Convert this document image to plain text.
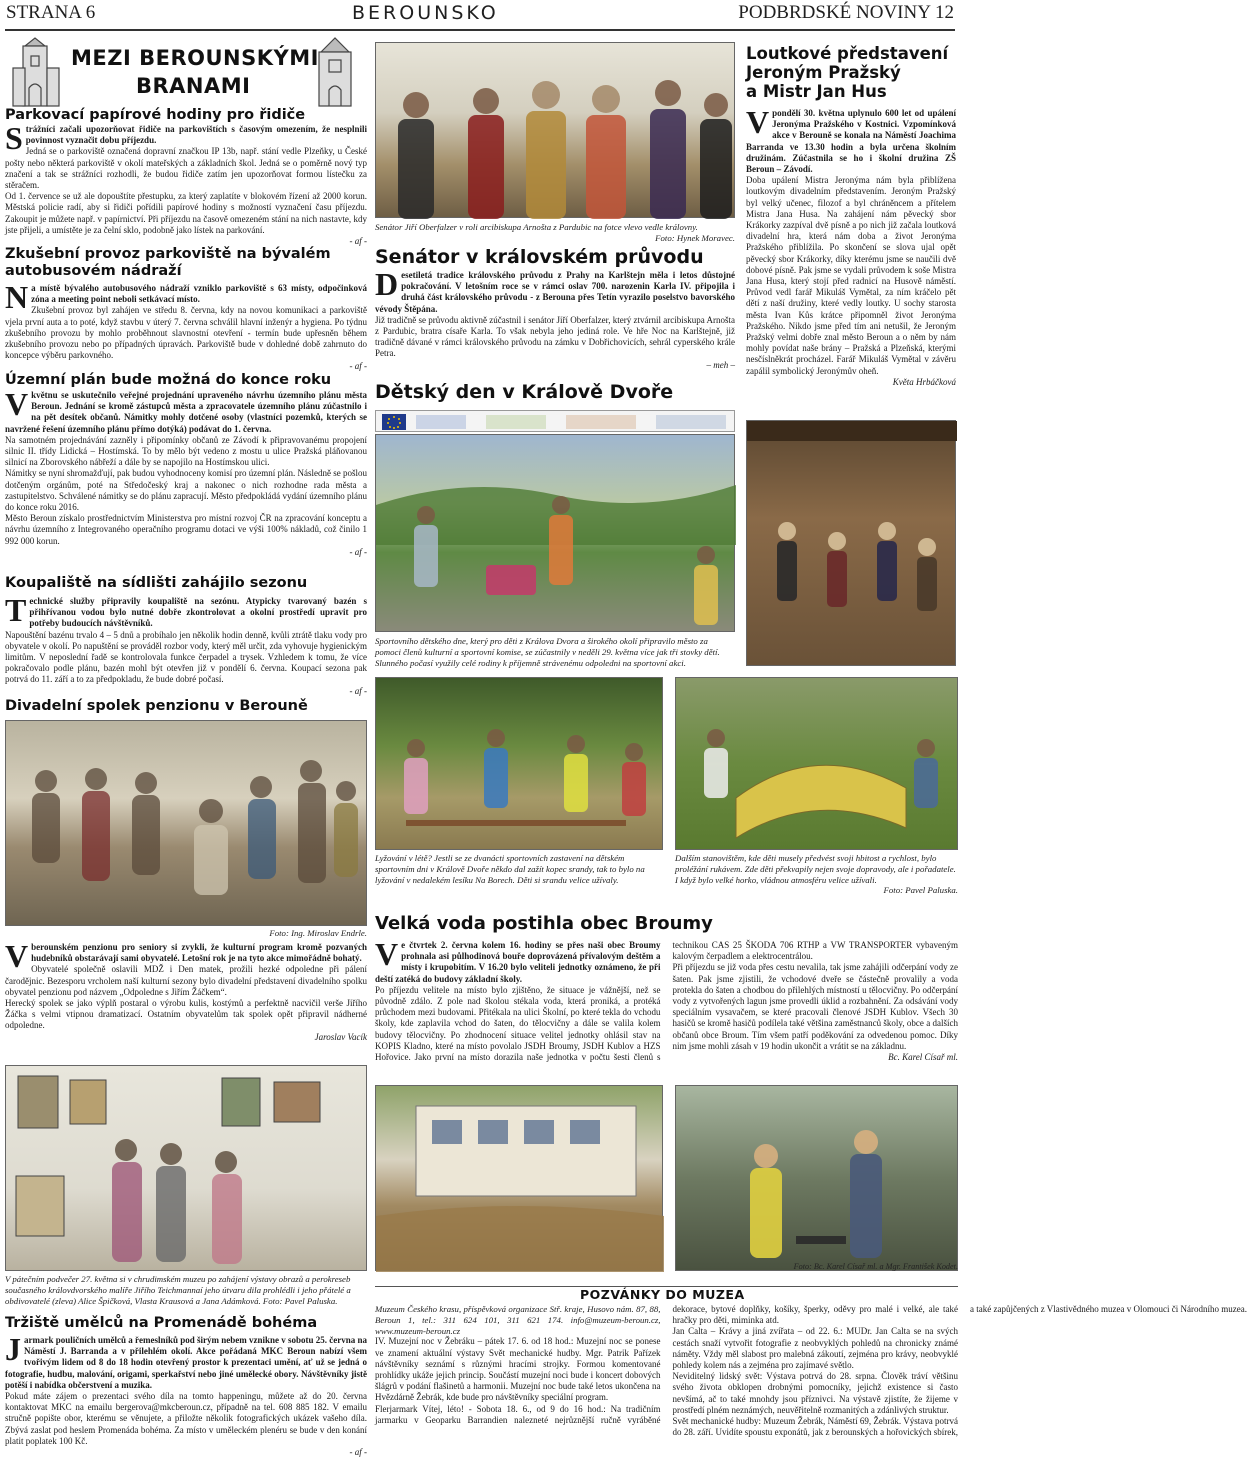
STRANA 6	BEROUNSKO	PODBRDSKÉ NOVINY 12
MEZI BEROUNSKÝMI
BRANAMI
Parkovací papírové hodiny pro řidiče
Strážníci začali upozorňovat řidiče na parkovištích s časovým omezením, že nesplnili povinnost vyznačit dobu příjezdu.

Jedná se o parkoviště označená dopravní značkou IP 13b, např. stání vedle Plzeňky, u České pošty nebo některá parkoviště v okolí mateřských a základních škol. Jedná se o poměrně nový typ značení a tak se strážníci rozhodli, že budou řidiče zatím jen upozorňovat formou lístečku za stěračem.

Od 1. července se už ale dopouštíte přestupku, za který zaplatíte v blokovém řízení až 2000 korun. Městská policie radí, aby si řidiči pořídili papírové hodiny s možností vyznačení času příjezdu. Zakoupit je můžete např. v papírnictví. Při příjezdu na časově omezeném stání na nich nastavte, kdy jste přijeli, a umístěte je za čelní sklo, podobně jako lístek na parkování.

- af -

Zkušební provoz parkoviště na bývalém autobusovém nádraží
Na místě bývalého autobusového nádraží vzniklo parkoviště s 63 místy, odpočinková zóna a meeting point neboli setkávací místo.

Zkušební provoz byl zahájen ve středu 8. června, kdy na novou komunikaci a parkoviště vjela první auta a to poté, když stavbu v úterý 7. června schválil hlavní inženýr a hygiena. Po týdnu zkušebního provozu by mohlo proběhnout slavnostní otevření - termín bude upřesněn během zkušebního provozu nebo po případných úpravách. Parkoviště bude v dohledné době zahrnuto do koncepce výběru parkovného.

- af -

Územní plán bude možná do konce roku
Vkvětnu se uskutečnilo veřejné projednání upraveného návrhu územního plánu města Beroun. Jednání se kromě zástupců města a zpracovatele územního plánu zúčastnilo i na pět desítek občanů. Námitky mohly dotčené osoby (vlastníci pozemků, kterých se navržené řešení územního plánu přímo dotýká) podávat do 1. června.

Na samotném projednávání zazněly i připomínky občanů ze Závodí k připravovanému propojení silnic II. třídy Lidická – Hostímská. To by mělo být vedeno z mostu u ulice Pražská pláňovanou silnicí na Zborovského nábřeží a dále by se napojilo na Hostímskou ulici.

Námitky se nyní shromažďují, pak budou vyhodnoceny komisí pro územní plán. Následně se pošlou dotčeným orgánům, poté na Středočeský kraj a nakonec o nich rozhodne rada města a zastupitelstvo. Schválené námitky se do plánu zapracují. Město předpokládá vydání územního plánu do konce roku 2016.

Město Beroun získalo prostřednictvím Ministerstva pro místní rozvoj ČR na zpracování konceptu a návrhu územního z Integrovaného operačního programu dotaci ve výši 100% nákladů, což činilo 1 992 000 korun.

- af -

Koupaliště na sídlišti zahájilo sezonu
Technické služby připravily koupaliště na sezónu. Atypicky tvarovaný bazén s přihřívanou vodou bylo nutné dobře zkontrolovat a okolní prostředí upravit pro potřeby budoucích návštěvníků.

Napouštění bazénu trvalo 4 – 5 dnů a probíhalo jen několik hodin denně, kvůli ztrátě tlaku vody pro obyvatele v okolí. Po napuštění se prováděl rozbor vody, který měl určit, zda vyhovuje hygienickým limitům. V neposlední řadě se kontrolovala funkce čerpadel a trysek. Vzhledem k tomu, že více pokračovalo podle plánu, bazén mohl být otevřen již v pondělí 6. června. Koupací sezona pak potrvá do 11. září a to za předpokladu, že bude dobré počasí.

- af -

Divadelní spolek penzionu v Berouně
Foto: Ing. Miroslav Endrle.
Vberounském penzionu pro seniory si zvykli, že kulturní program kromě pozvaných hudebníků obstarávají sami obyvatelé. Letošní rok je na tyto akce mimořádně bohatý.

Obyvatelé společně oslavili MDŽ i Den matek, prožili hezké odpoledne při pálení čarodějnic. Bezesporu vrcholem naší kulturní sezony bylo divadelní představení divadelního spolku obyvatel penzionu pod názvem „Odpoledne s Jiřím Žáčkem“.

Herecký spolek se jako výplň postaral o výrobu kulis, kostýmů a perfektně nacvičil verše Jiřího Žáčka s velmi vtipnou dramatizací. Ostatním obyvatelům tak spolek opět připravil nádherné odpoledne.

Jaroslav Vacík

V pátečním podvečer 27. května si v chrudimském muzeu po zahájení výstavy obrazů a perokreseb současného královdvorského malíře Jiřího Teichmannaí jeho útvaru dila prohlédli i jeho přátelé a obdivovatelé (zleva) Alice Špičková, Vlasta Krausová a Jana Adámková. Foto: Pavel Paluska.
Tržiště umělců na Promenádě bohéma
Jarmark pouličních umělců a řemeslníků pod širým nebem vznikne v sobotu 25. června na Náměstí J. Barranda a v přilehlém okolí. Akce pořádaná MKC Beroun nabízí všem tvořivým lidem od 8 do 18 hodin otevřený prostor k prezentaci umění, ať už se jedná o fotografie, hudbu, malování, origami, sperkařství nebo jiné umělecké obory. Návštěvníky jistě potěší i nabídka občerstvení a muzika.

Pokud máte zájem o prezentaci svého díla na tomto happeningu, můžete až do 20. června kontaktovat MKC na emailu bergerova@mkcberoun.cz, případně na tel. 608 885 182. V emailu stručně popište obor, kterému se věnujete, a přiložte několik fotografických ukázek vašeho díla. Zbývá zaslat pod heslem Promenáda bohéma. Za místo v uměleckém plenéru se bude v den konání platit poplatek 100 Kč.

- af -

Senátor Jiří Oberfalzer v roli arcibiskupa Arnošta z Pardubic na fotce vlevo vedle královny.
Foto: Hynek Moravec.
Senátor v královském průvodu
Desetiletá tradice královského průvodu z Prahy na Karlštejn měla i letos důstojné pokračování. V letošním roce se v rámci oslav 700. narozenin Karla IV. připojila i druhá část královského průvodu - z Berouna přes Tetín vyrazilo poselstvo bavorského vévody Štěpána.

Již tradičně se průvodu aktivně zúčastnil i senátor Jiří Oberfalzer, který ztvárnil arcibiskupa Arnošta z Pardubic, bratra císaře Karla. To však nebyla jeho jediná role. Ve hře Noc na Karlštejně, již tradičně dávané v rámci královského průvodu na zámku v Dobřichovicích, sehrál cyperského krále Petra.

– meh –

Dětský den v Králově Dvoře
Sportovního dětského dne, který pro děti z Králova Dvora a širokého okolí připravilo město za pomoci členů kulturní a sportovní komise, se zúčastnily v neděli 29. května více jak tři stovky dětí. Slunného počasí využily celé rodiny k příjemně strávenému odpoledni na sportovní akci.
Loutkové představení
Jeroným Pražský
a Mistr Jan Hus
Vpondělí 30. května uplynulo 600 let od upálení Jeronýma Pražského v Kostnici. Vzpomínková akce v Berouně se konala na Náměstí Joachima Barranda ve 13.30 hodin a byla určena školním družinám. Zúčastnila se ho i školní družina ZŠ Beroun – Závodí.

Doba upálení Mistra Jeronýma nám byla přiblížena loutkovým divadelním představením. Jeroným Pražský byl velký učenec, filozof a byl chráněncem a přítelem Mistra Jana Husa. Na zahájení nám pěvecký sbor Krákorky zazpíval dvě písně a po nich již začala loutková divadelní hra, která nám doba a život Jeronýma Pražského přiblížila. Po skončení se slova ujal opět pěvecký sbor Krákorky, díky kterému jsme se naučili dvě dobové písně. Pak jsme se vydali průvodem k soše Mistra Jana Husa, který stojí před radnicí na Husově náměstí. Průvod vedl farář Mikuláš Vymětal, za ním kráčelo pět dětí z naší družiny, které vedly loutky. U sochy starosta města Ivan Kůs krátce připomněl život Jeronýma Pražského. Nikdo jsme před tím ani netušil, že Jeroným Pražský velmi dobře znal město Beroun a o něm by nám mohly povídat naše brány – Pražská a Plzeňská, kterými nesčíslněkrát procházel. Farář Mikuláš Vymětal v závěru zapálil symbolický Jeronýmův oheň.

Květa Hrbáčková

Lyžování v létě? Jestli se ze dvanácti sportovních zastavení na dětském sportovním dni v Králově Dvoře někdo dal zažít kopec srandy, tak to bylo na lyžování v nedalekém lesíku Na Borech. Děti si srandu velice užívaly.
Dalším stanovištěm, kde děti musely předvést svoji hbitost a rychlost, bylo proléžání rukávem. Zde děti překvapily nejen svoje dopravody, ale i pořadatele. I když bylo velké horko, vládnou atmosféru velice užívali.
Foto: Pavel Paluska.
Velká voda postihla obec Broumy
Ve čtvrtek 2. června kolem 16. hodiny se přes naši obec Broumy prohnala asi půlhodinová bouře doprovázená přívalovým deštěm a místy i krupobitím. V 16.20 bylo veliteli jednotky oznámeno, že při deští zatéká do budovy základní školy.

Po příjezdu velitele na místo bylo zjištěno, že situace je vážnější, než se původně zdálo. Z pole nad školou stékala voda, která proniká, a protéká průchodem mezi budovami. Přitékala na ulici Školní, po které tekla do vchodu školy, kde zaplavila vchod do šaten, do tělocvičny a dále se valila kolem budovy tělocvičny. Po zhodnocení situace velitel jednotky ohlásil stav na KOPIS Kladno, které na místo povolalo JSDH Broumy, JSDH Kublov a HZS Hořovice. Jako první na místo dorazila naše jednotka v počtu šesti členů s technikou CAS 25 ŠKODA 706 RTHP a VW TRANSPORTER vybaveným kalovým čerpadlem a elektrocentrálou.

Při příjezdu se již voda přes cestu nevalila, tak jsme zahájili odčerpání vody ze šaten. Pak jsme zjistili, že vchodové dveře se částečně provalily a voda protekla do šaten a chodbou do přilehlých místností u tělocvičny. Po odčerpání vody z vytvořených lagun jsme provedli úklid a rozbahnění. Za odsávání vody speciálním vysavačem, se které pracovali členové JSDH Kublov. Všech 30 hasičů se kromě hasičů podílela také většina zaměstnanců školy, obce a dalších občanů obce Broum. Tím všem patří poděkování za odvedenou pomoc. Díky nim jsme mohli zásah v 19 hodin ukončit a vrátit se na základnu.

Bc. Karel Císař ml.

Foto: Bc. Karel Císař ml. a Mgr. František Kodet.
POZVÁNKY DO MUZEA

Muzeum Českého krasu, příspěvková organizace Stř. kraje, Husovo nám. 87, 88, Beroun 1, tel.: 311 624 101, 311 621 174. info@muzeum-beroun.cz, www.muzeum-beroun.cz

IV. Muzejní noc v Žebráku – pátek 17. 6. od 18 hod.: Muzejní noc se ponese ve znamení aktuální výstavy Svět mechanické hudby. Mgr. Patrik Pařízek návštěvníky seznámí s různými hracími strojky. Formou komentované prohlídky ukáže jejich princip. Součástí muzejní noci bude i koncert dobových šlágrů v podání flašinetů a harmonii. Muzejní noc bude také letos ukončena na Hvězdárně Žebrák, kde bude pro návštěvníky speciální program.

Flerjarmark Vítej, léto! - Sobota 18. 6., od 9 do 16 hod.: Na tradičním jarmarku v Geoparku Barrandien nalezneté nejrůznější ručně vyráběné dekorace, bytové doplňky, košíky, šperky, oděvy pro malé i velké, ale také hračky pro děti, miminka atd.

Jan Calta – Krávy a jiná zvířata – od 22. 6.: MUDr. Jan Calta se na svých cestách snaží vytvořit fotografie z neobvyklých pohledů na chronicky známé náměty. Vždy měl slabost pro malebná zákoutí, zejména pro krávy, neobvyklé pohledy kolem nás a zejména pro zajímavé světlo.

Neviditelný lidský svět: Výstava potrvá do 28. srpna. Člověk tráví většinu svého života obklopen drobnými pomocníky, jejichž existence si často nevšímá, ač to také mnohdy jsou příznivci. Na výstavě zjistíte, že žijeme v prostředí plném neznámých, neuvěřitelně rozmanitých a zdánlivých struktur.

Svět mechanické hudby: Muzeum Žebrák, Náměstí 69, Žebrák. Výstava potrvá do 28. září. Uvidíte spoustu exponátů, jak z berounských a hořovických sbírek, a také zapůjčených z Vlastivědného muzea v Olomouci či Národního muzea.
